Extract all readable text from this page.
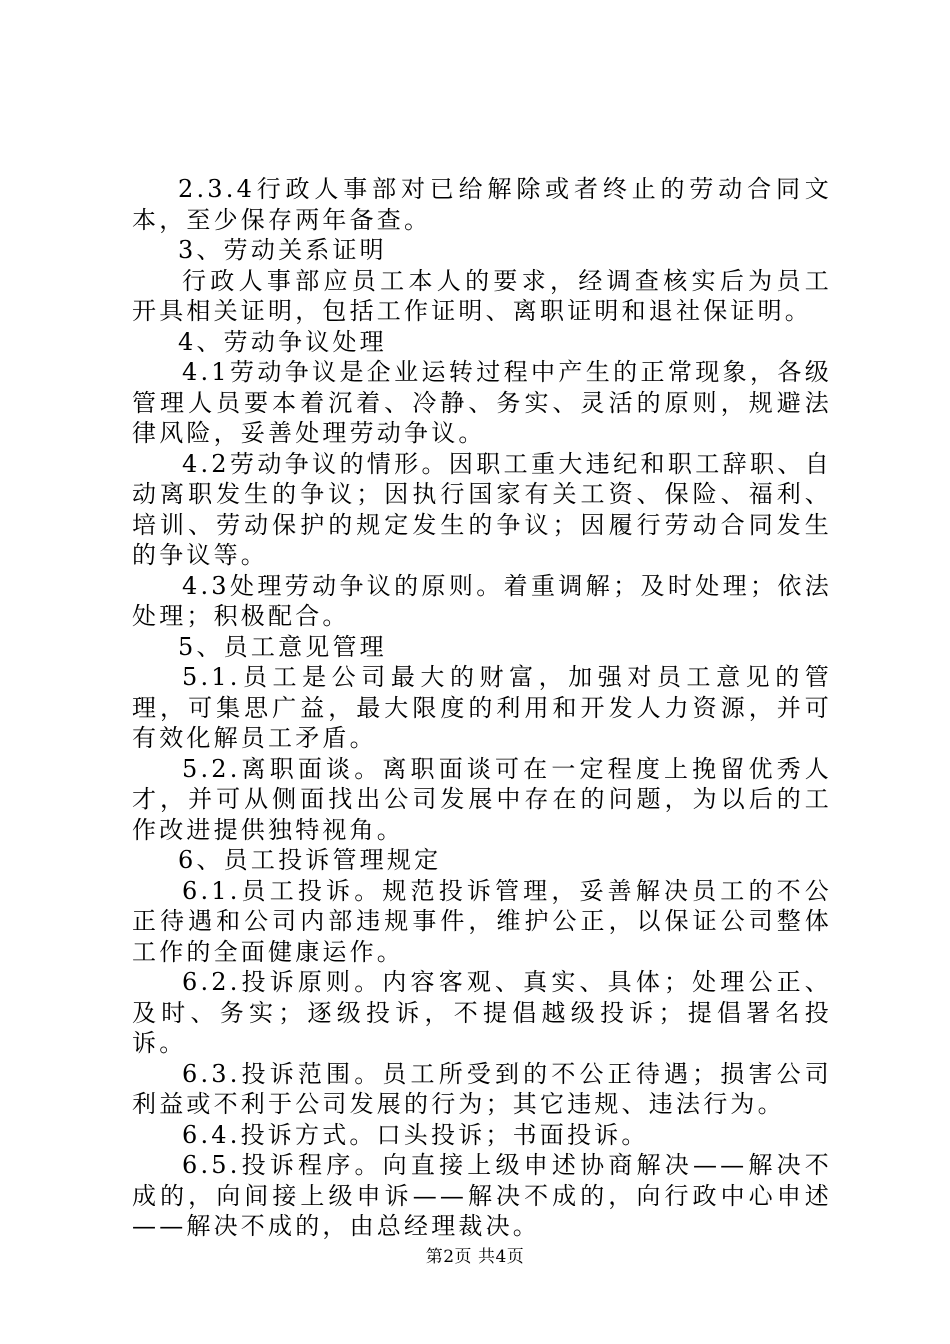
2.3.4行政人事部对已给解除或者终止的劳动合同文本，至少保存两年备查。

3、劳动关系证明

行政人事部应员工本人的要求，经调查核实后为员工开具相关证明，包括工作证明、离职证明和退社保证明。

4、劳动争议处理

4.1劳动争议是企业运转过程中产生的正常现象，各级管理人员要本着沉着、冷静、务实、灵活的原则，规避法律风险，妥善处理劳动争议。

4.2劳动争议的情形。因职工重大违纪和职工辞职、自动离职发生的争议；因执行国家有关工资、保险、福利、培训、劳动保护的规定发生的争议；因履行劳动合同发生的争议等。

4.3处理劳动争议的原则。着重调解；及时处理；依法处理；积极配合。

5、员工意见管理

5.1.员工是公司最大的财富，加强对员工意见的管理，可集思广益，最大限度的利用和开发人力资源，并可有效化解员工矛盾。

5.2.离职面谈。离职面谈可在一定程度上挽留优秀人才，并可从侧面找出公司发展中存在的问题，为以后的工作改进提供独特视角。

6、员工投诉管理规定

6.1.员工投诉。规范投诉管理，妥善解决员工的不公正待遇和公司内部违规事件，维护公正，以保证公司整体工作的全面健康运作。

6.2.投诉原则。内容客观、真实、具体；处理公正、及时、务实；逐级投诉，不提倡越级投诉；提倡署名投诉。

6.3.投诉范围。员工所受到的不公正待遇；损害公司利益或不利于公司发展的行为；其它违规、违法行为。

6.4.投诉方式。口头投诉；书面投诉。

6.5.投诉程序。向直接上级申述协商解决——解决不成的，向间接上级申诉——解决不成的，向行政中心申述——解决不成的，由总经理裁决。

第2页 共4页
